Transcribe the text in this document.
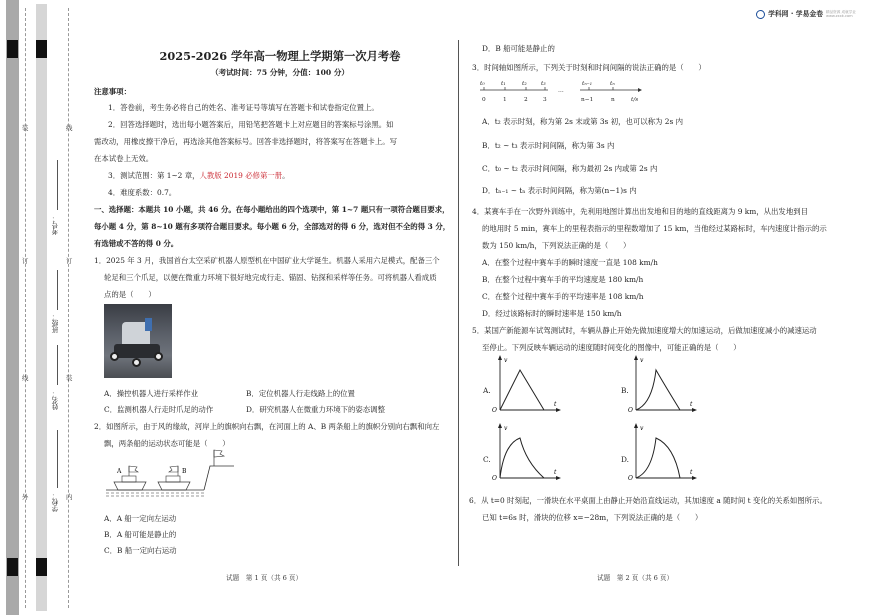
装
订
线
外
线
订
装
内
考号：
班级：
姓名：
学校：
学科网 · 学易金卷 精品资源 成就学业 www.zxxk.com
2025-2026 学年高一物理上学期第一次月考卷
（考试时间：75 分钟，分值：100 分）
注意事项：
1．答卷前，考生务必将自己的姓名、准考证号等填写在答题卡和试卷指定位置上。
2．回答选择题时，选出每小题答案后，用铅笔把答题卡上对应题目的答案标号涂黑。如
需改动，用橡皮擦干净后，再选涂其他答案标号。回答非选择题时，将答案写在答题卡上。写
在本试卷上无效。
3．测试范围：第 1~2 章，人教版 2019 必修第一册。
4．难度系数：0.7。
一、选择题：本题共 10 小题，共 46 分。在每小题给出的四个选项中，第 1~7 题只有一项符合题目要求，
每小题 4 分，第 8~10 题有多项符合题目要求。每小题 6 分，全部选对的得 6 分，选对但不全的得 3 分，
有选错或不答的得 0 分。
1．2025 年 3 月，我国首台太空采矿机器人原型机在中国矿业大学诞生。机器人采用六足模式，配备三个
轮足和三个爪足，以便在微重力环境下很好地完成行走、锚固、钻探和采样等任务。可将机器人看成质
点的是（　　）
A．操控机器人进行采样作业	B．定位机器人行走线路上的位置
C．监测机器人行走时爪足的动作	D．研究机器人在微重力环境下的姿态调整
2．如图所示，由于风的缘故，河岸上的旗帜向右飘，在河面上的 A、B 两条船上的旗帜分别向右飘和向左
飘，两条船的运动状态可能是（　　）
A	B
A．A 船一定向左运动
B．A 船可能是静止的
C．B 船一定向右运动
试题　第 1 页（共 6 页）
D．B 船可能是静止的
3．时间轴如图所示，下列关于时刻和时间间隔的说法正确的是（　　）
t₀	t₁	t₂ t₃	tₙ₋₁	tₙ
t/s
0	1	2	3
…
n−1	n
A．t₂ 表示时刻，称为第 2s 末或第 3s 初，也可以称为 2s 内
B．t₂ ~ t₃ 表示时间间隔，称为第 3s 内
C．t₀ ~ t₂ 表示时间间隔，称为最初 2s 内或第 2s 内
D．tₙ₋₁ ~ tₙ 表示时间间隔，称为第(n−1)s 内
4．某赛车手在一次野外训练中，先利用地图计算出出发地和目的地的直线距离为 9 km，从出发地到目
的地用时 5 min，赛车上的里程表指示的里程数增加了 15 km，当他经过某路标时，车内速度计指示的示
数为 150 km/h，下列说法正确的是（　　）
A．在整个过程中赛车手的瞬时速度一直是 108 km/h
B．在整个过程中赛车手的平均速度是 180 km/h
C．在整个过程中赛车手的平均速率是 108 km/h
D．经过该路标时的瞬时速率是 150 km/h
5．某国产新能源车试驾测试时，车辆从静止开始先做加速度增大的加速运动，后做加速度减小的减速运动
至停止。下列反映车辆运动的速度随时间变化的图像中，可能正确的是（　　）
A.
v
O
t
B.
v
O
t
C.
v
O
t
D.
v
O
t
6．从 t=0 时刻起，一滑块在水平桌面上由静止开始沿直线运动，其加速度 a 随时间 t 变化的关系如图所示。
已知 t=6s 时，滑块的位移 x=−28m，下列说法正确的是（　　）
试题　第 2 页（共 6 页）
